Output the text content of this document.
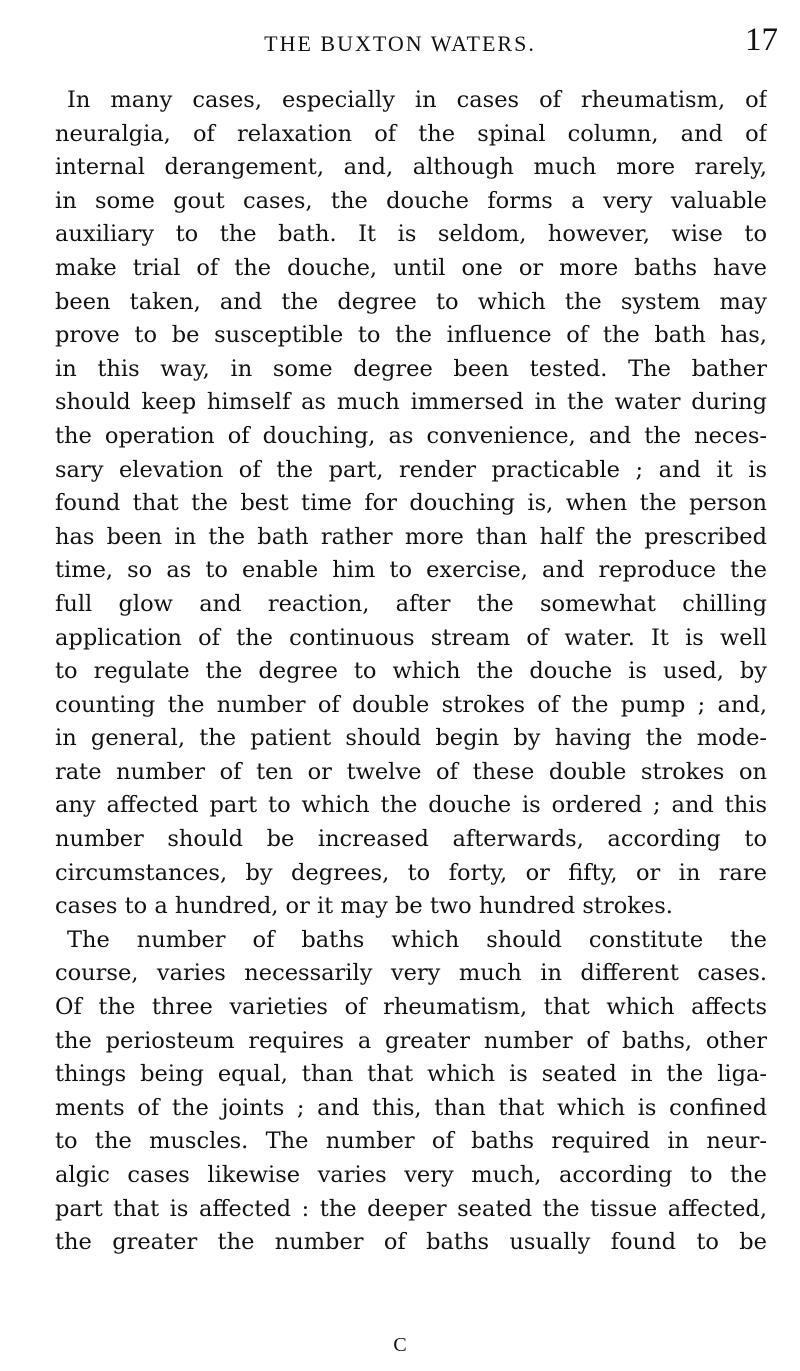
THE BUXTON WATERS.	17
In many cases, especially in cases of rheumatism, of
neuralgia, of relaxation of the spinal column, and of
internal derangement, and, although much more rarely,
in some gout cases, the douche forms a very valuable
auxiliary to the bath. It is seldom, however, wise to
make trial of the douche, until one or more baths have
been taken, and the degree to which the system may
prove to be susceptible to the influence of the bath has,
in this way, in some degree been tested. The bather
should keep himself as much immersed in the water during
the operation of douching, as convenience, and the neces-
sary elevation of the part, render practicable ; and it is
found that the best time for douching is, when the person
has been in the bath rather more than half the prescribed
time, so as to enable him to exercise, and reproduce the
full glow and reaction, after the somewhat chilling
application of the continuous stream of water. It is well
to regulate the degree to which the douche is used, by
counting the number of double strokes of the pump ; and,
in general, the patient should begin by having the mode-
rate number of ten or twelve of these double strokes on
any affected part to which the douche is ordered ; and this
number should be increased afterwards, according to
circumstances, by degrees, to forty, or fifty, or in rare
cases to a hundred, or it may be two hundred strokes.
The number of baths which should constitute the
course, varies necessarily very much in different cases.
Of the three varieties of rheumatism, that which affects
the periosteum requires a greater number of baths, other
things being equal, than that which is seated in the liga-
ments of the joints ; and this, than that which is confined
to the muscles. The number of baths required in neur-
algic cases likewise varies very much, according to the
part that is affected : the deeper seated the tissue affected,
the greater the number of baths usually found to be
C
